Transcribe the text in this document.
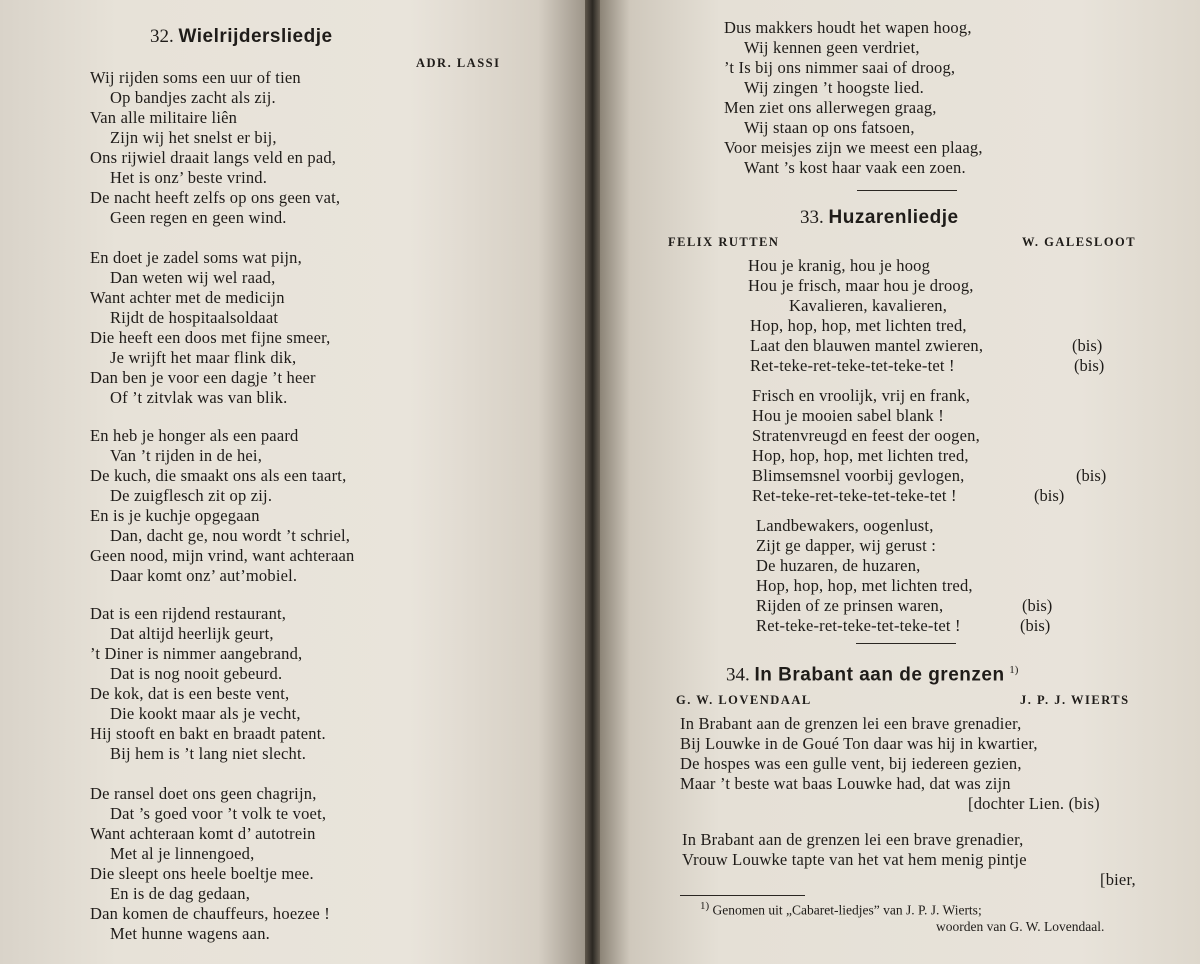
32. Wielrijdersliedje
ADR. LASSI
Wij rijden soms een uur of tien
Op bandjes zacht als zij.
Van alle militaire liên
Zijn wij het snelst er bij,
Ons rijwiel draait langs veld en pad,
Het is onz’ beste vrind.
De nacht heeft zelfs op ons geen vat,
Geen regen en geen wind.
En doet je zadel soms wat pijn,
Dan weten wij wel raad,
Want achter met de medicijn
Rijdt de hospitaalsoldaat
Die heeft een doos met fijne smeer,
Je wrijft het maar flink dik,
Dan ben je voor een dagje ’t heer
Of ’t zitvlak was van blik.
En heb je honger als een paard
Van ’t rijden in de hei,
De kuch, die smaakt ons als een taart,
De zuigflesch zit op zij.
En is je kuchje opgegaan
Dan, dacht ge, nou wordt ’t schriel,
Geen nood, mijn vrind, want achteraan
Daar komt onz’ aut’mobiel.
Dat is een rijdend restaurant,
Dat altijd heerlijk geurt,
’t Diner is nimmer aangebrand,
Dat is nog nooit gebeurd.
De kok, dat is een beste vent,
Die kookt maar als je vecht,
Hij stooft en bakt en braadt patent.
Bij hem is ’t lang niet slecht.
De ransel doet ons geen chagrijn,
Dat ’s goed voor ’t volk te voet,
Want achteraan komt d’ autotrein
Met al je linnengoed,
Die sleept ons heele boeltje mee.
En is de dag gedaan,
Dan komen de chauffeurs, hoezee !
Met hunne wagens aan.
Dus makkers houdt het wapen hoog,
Wij kennen geen verdriet,
’t Is bij ons nimmer saai of droog,
Wij zingen ’t hoogste lied.
Men ziet ons allerwegen graag,
Wij staan op ons fatsoen,
Voor meisjes zijn we meest een plaag,
Want ’s kost haar vaak een zoen.
33. Huzarenliedje
FELIX RUTTEN	W. GALESLOOT
Hou je kranig, hou je hoog
Hou je frisch, maar hou je droog,
Kavalieren, kavalieren,
Hop, hop, hop, met lichten tred,
Laat den blauwen mantel zwieren,
Ret-teke-ret-teke-tet-teke-tet !
Frisch en vroolijk, vrij en frank,
Hou je mooien sabel blank !
Stratenvreugd en feest der oogen,
Hop, hop, hop, met lichten tred,
Blimsemsnel voorbij gevlogen,
Ret-teke-ret-teke-tet-teke-tet !
Landbewakers, oogenlust,
Zijt ge dapper, wij gerust :
De huzaren, de huzaren,
Hop, hop, hop, met lichten tred,
Rijden of ze prinsen waren,
Ret-teke-ret-teke-tet-teke-tet !
(bis)
(bis)
(bis)
(bis)
(bis)
(bis)
34. In Brabant aan de grenzen $^{1)}$
G. W. LOVENDAAL	J. P. J. WIERTS
In Brabant aan de grenzen lei een brave grenadier,
Bij Louwke in de Goué Ton daar was hij in kwartier,
De hospes was een gulle vent, bij iedereen gezien,
Maar ’t beste wat baas Louwke had, dat was zijn
[dochter Lien. (bis)
In Brabant aan de grenzen lei een brave grenadier,
Vrouw Louwke tapte van het vat hem menig pintje
[bier,
$^{1)}$ Genomen uit „Cabaret-liedjes” van J. P. J. Wierts;
woorden van G. W. Lovendaal.
